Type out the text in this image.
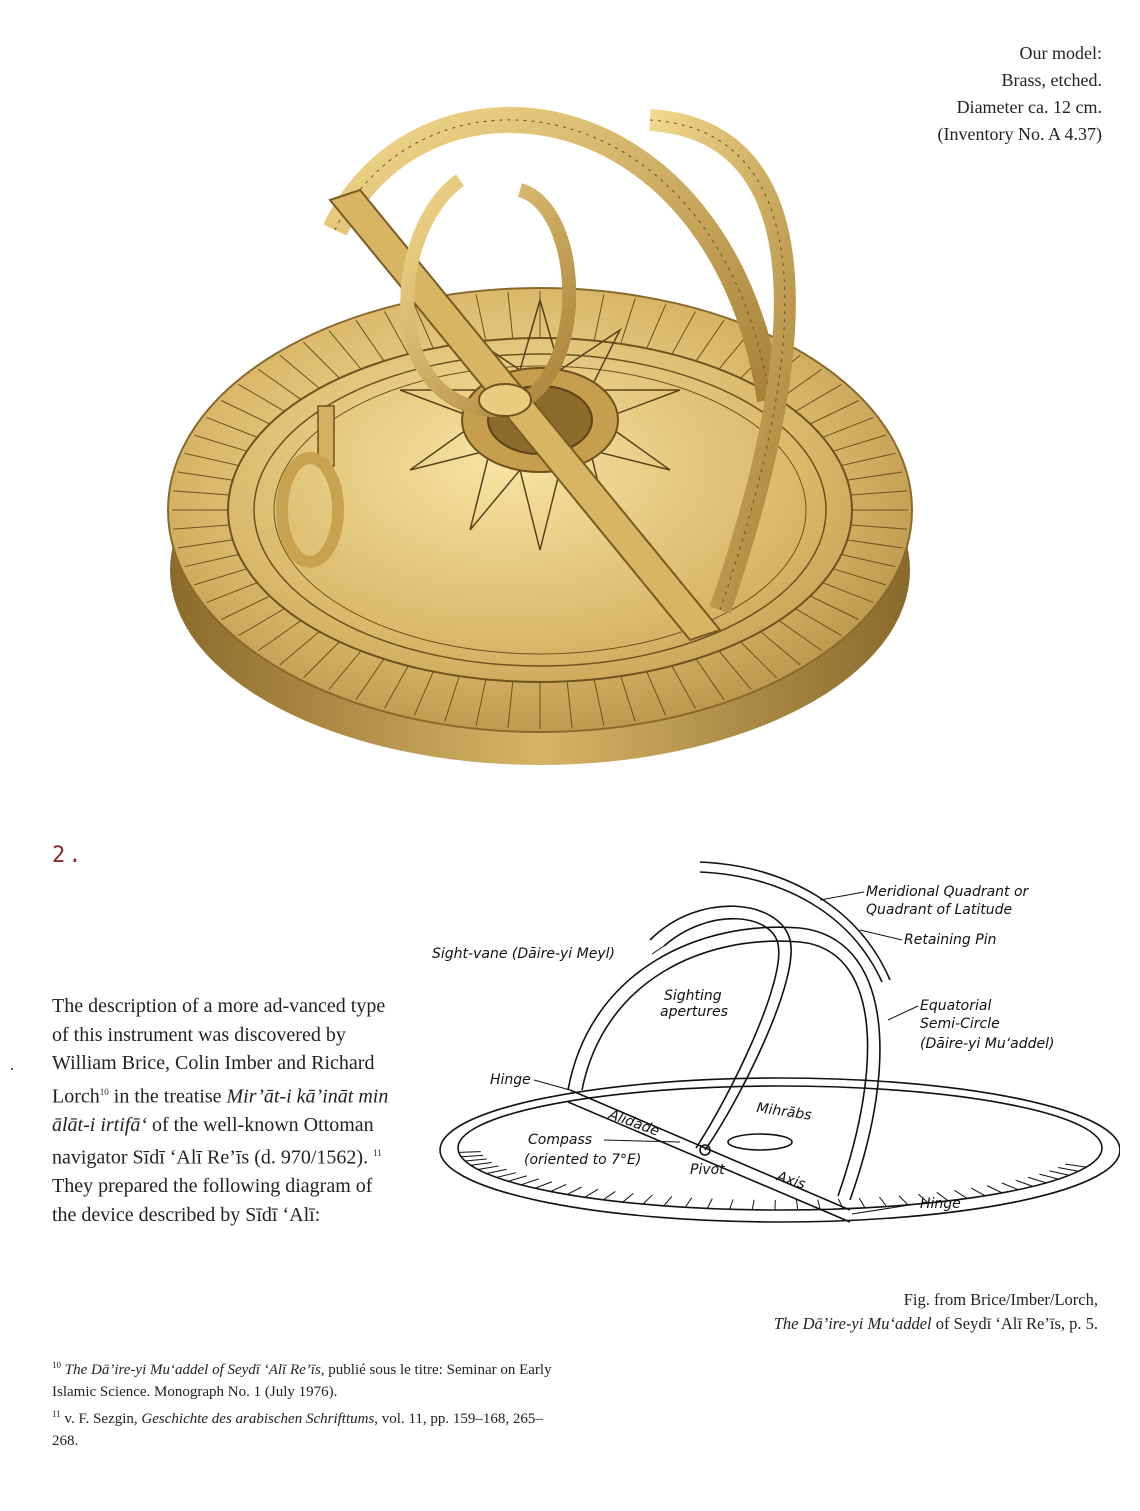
Our model:
Brass, etched.
Diameter ca. 12 cm.
(Inventory No. A 4.37)
2.
Meridional Quadrant or
Quadrant of Latitude
Retaining Pin
Sight-vane (Dāire-yi Meyl)
Sighting
apertures	Equatorial
Semi-Circle
(Dāire-yi Mu‘addel)
Hinge
Alidade	Mihrābs
Compass
(oriented to 7°E)
Pivot	Axis
Hinge
The description of a more ad-vanced type of this instrument was discovered by William Brice, Colin Imber and Richard Lorch$^{10}$ in the treatise Mir’āt-i kā’ināt min ālāt-i irtifā‘ of the well-known Ottoman navigator Sīdī ‘Alī Re’īs (d. 970/1562). $^{11}$ They prepared the following diagram of the device described by Sīdī ‘Alī:
Fig. from Brice/Imber/Lorch,
The Dā’ire-yi Mu‘addel of Seydī ‘Alī Re’īs, p. 5.
$^{10}$ The Dā’ire-yi Mu‘addel of Seydī ‘Alī Re’īs, publié sous le titre: Seminar on Early Islamic Science. Monograph No. 1 (July 1976).
$^{11}$ v. F. Sezgin, Geschichte des arabischen Schrifttums, vol. 11, pp. 159–168, 265–268.
